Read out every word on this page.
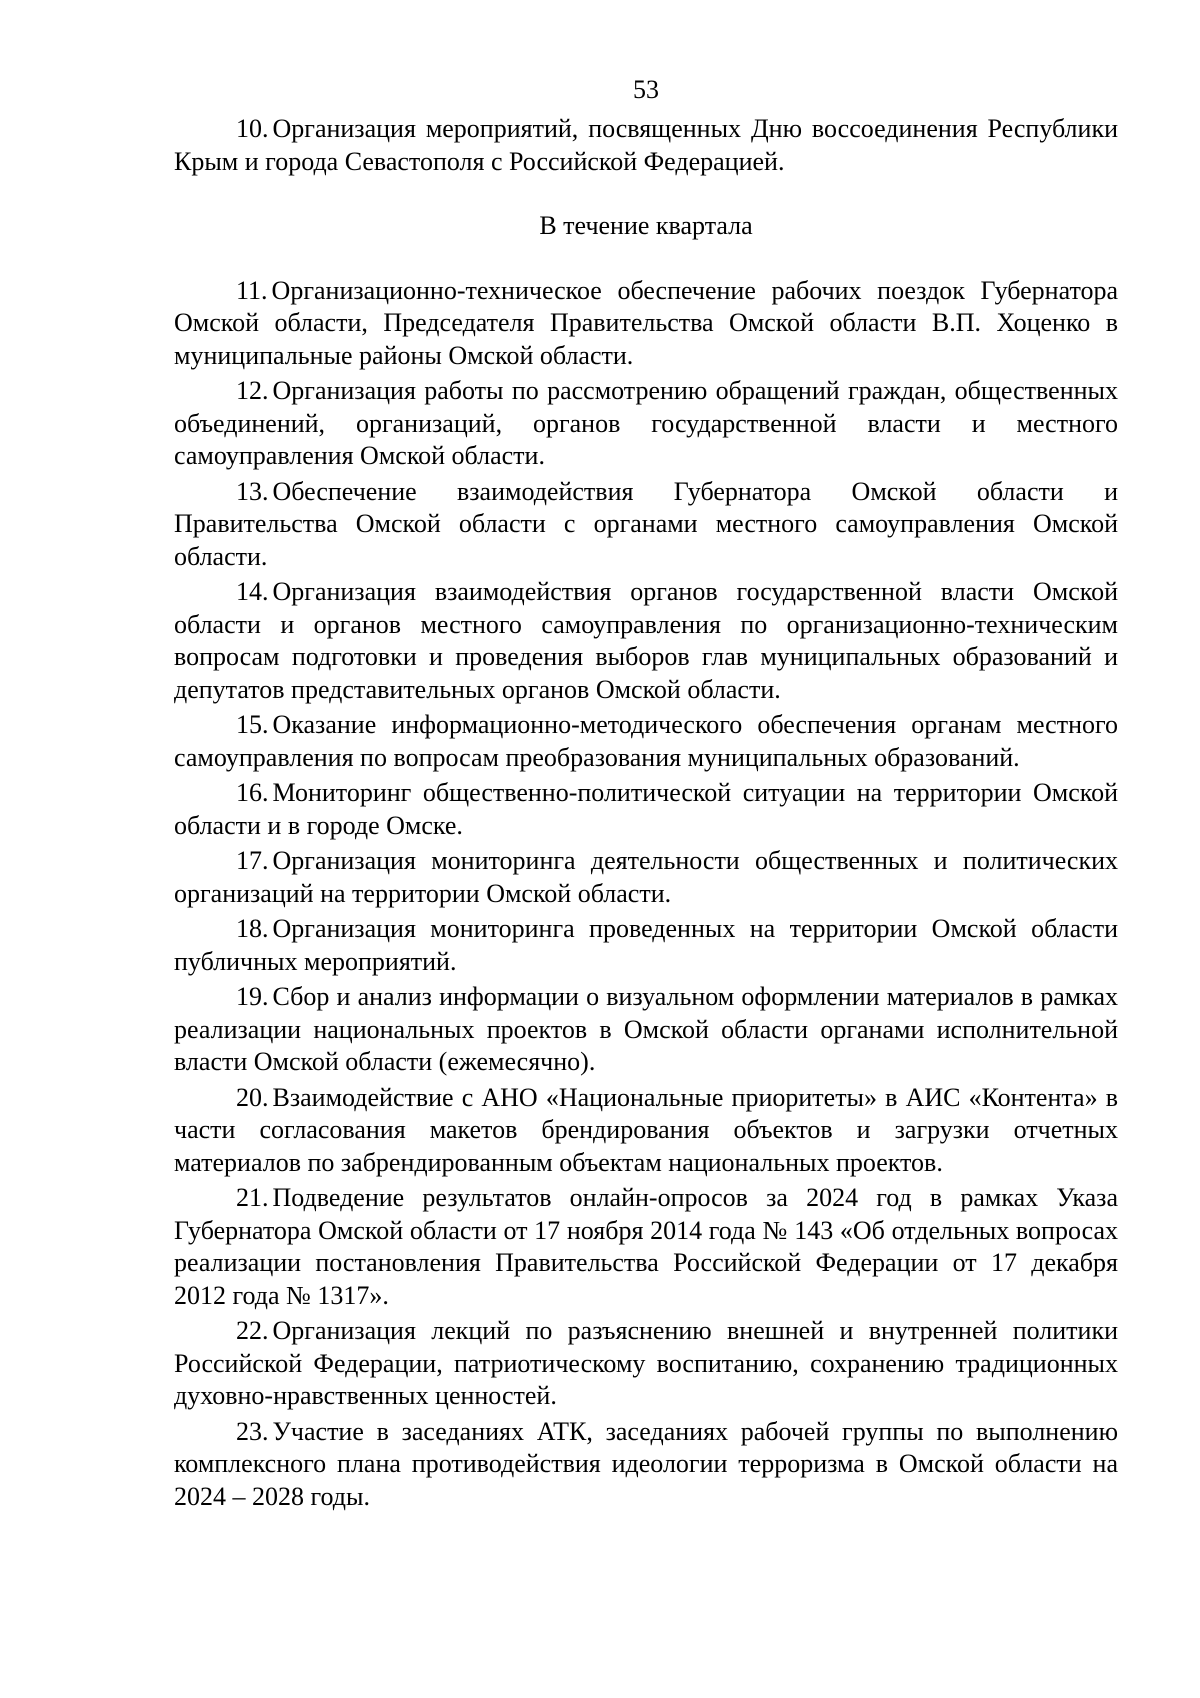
53

10. Организация мероприятий, посвященных Дню воссоединения Республики Крым и города Севастополя с Российской Федерацией.

В течение квартала

11. Организационно-техническое обеспечение рабочих поездок Губернатора Омской области, Председателя Правительства Омской области В.П. Хоценко в муниципальные районы Омской области.

12. Организация работы по рассмотрению обращений граждан, общественных объединений, организаций, органов государственной власти и местного самоуправления Омской области.

13. Обеспечение взаимодействия Губернатора Омской области и Правительства Омской области с органами местного самоуправления Омской области.

14. Организация взаимодействия органов государственной власти Омской области и органов местного самоуправления по организационно-техническим вопросам подготовки и проведения выборов глав муниципальных образований и депутатов представительных органов Омской области.

15. Оказание информационно-методического обеспечения органам местного самоуправления по вопросам преобразования муниципальных образований.

16. Мониторинг общественно-политической ситуации на территории Омской области и в городе Омске.

17. Организация мониторинга деятельности общественных и политических организаций на территории Омской области.

18. Организация мониторинга проведенных на территории Омской области публичных мероприятий.

19. Сбор и анализ информации о визуальном оформлении материалов в рамках реализации национальных проектов в Омской области органами исполнительной власти Омской области (ежемесячно).

20. Взаимодействие с АНО «Национальные приоритеты» в АИС «Контента» в части согласования макетов брендирования объектов и загрузки отчетных материалов по забрендированным объектам национальных проектов.

21. Подведение результатов онлайн-опросов за 2024 год в рамках Указа Губернатора Омской области от 17 ноября 2014 года № 143 «Об отдельных вопросах реализации постановления Правительства Российской Федерации от 17 декабря 2012 года № 1317».

22. Организация лекций по разъяснению внешней и внутренней политики Российской Федерации, патриотическому воспитанию, сохранению традиционных духовно-нравственных ценностей.

23. Участие в заседаниях АТК, заседаниях рабочей группы по выполнению комплексного плана противодействия идеологии терроризма в Омской области на 2024 – 2028 годы.
